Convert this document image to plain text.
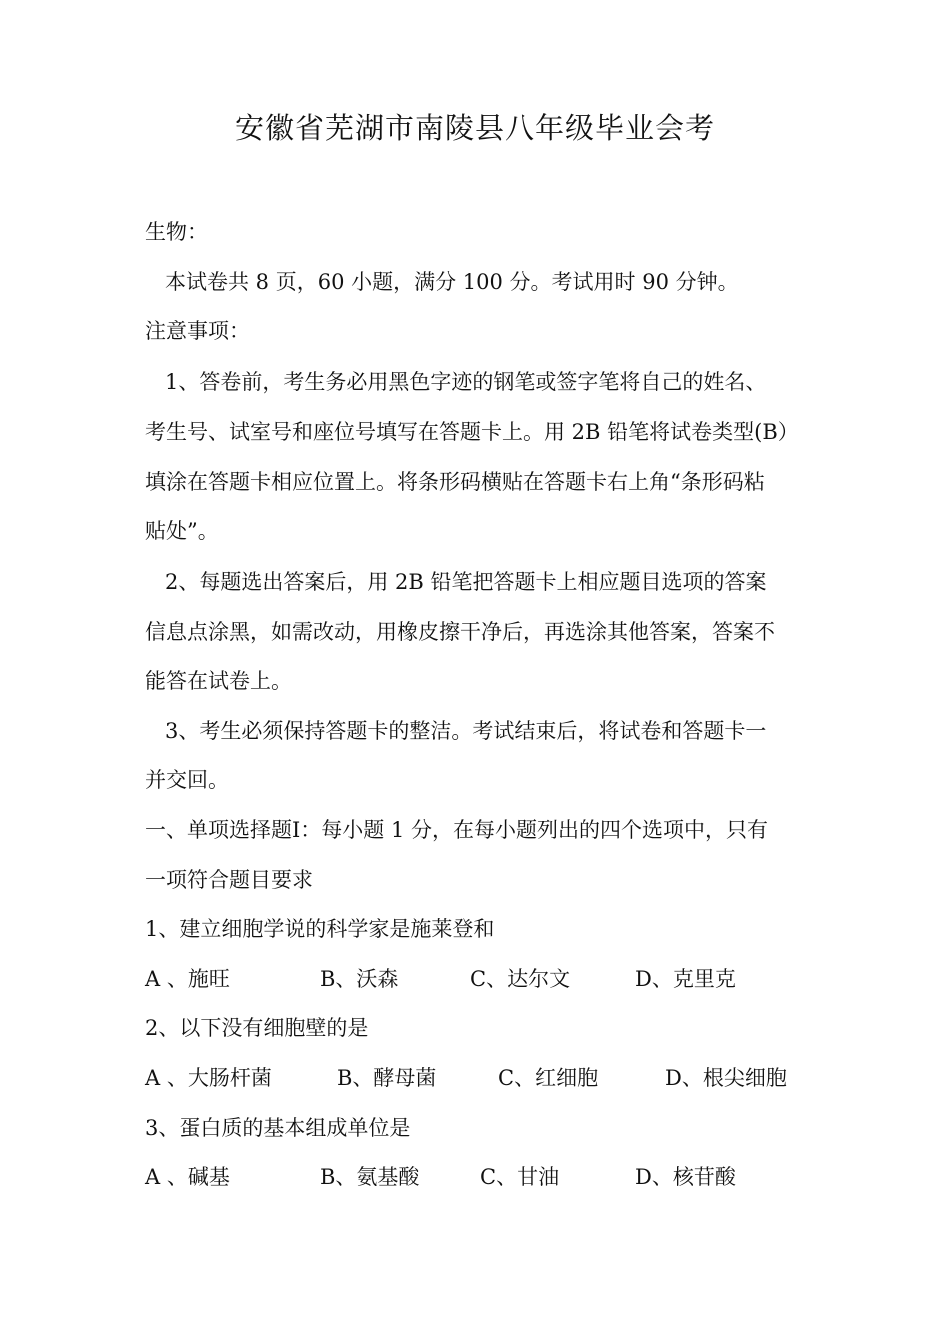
安徽省芜湖市南陵县八年级毕业会考
生物：
本试卷共 8 页，60 小题，满分 100 分。考试用时 90 分钟。
注意事项：
1、答卷前，考生务必用黑色字迹的钢笔或签字笔将自己的姓名、
考生号、试室号和座位号填写在答题卡上。用 2B 铅笔将试卷类型(B）
填涂在答题卡相应位置上。将条形码横贴在答题卡右上角“条形码粘
贴处”。
2、每题选出答案后，用 2B 铅笔把答题卡上相应题目选项的答案
信息点涂黑，如需改动，用橡皮擦干净后，再选涂其他答案，答案不
能答在试卷上。
3、考生必须保持答题卡的整洁。考试结束后，将试卷和答题卡一
并交回。
一、单项选择题Ⅰ：每小题 1 分，在每小题列出的四个选项中，只有
一项符合题目要求
1、建立细胞学说的科学家是施莱登和
A 、施旺	B、沃森	C、达尔文	D、克里克
2、以下没有细胞壁的是
A 、大肠杆菌	B、酵母菌	C、红细胞	D、根尖细胞
3、蛋白质的基本组成单位是
A 、碱基	B、氨基酸	C、甘油	D、核苷酸
